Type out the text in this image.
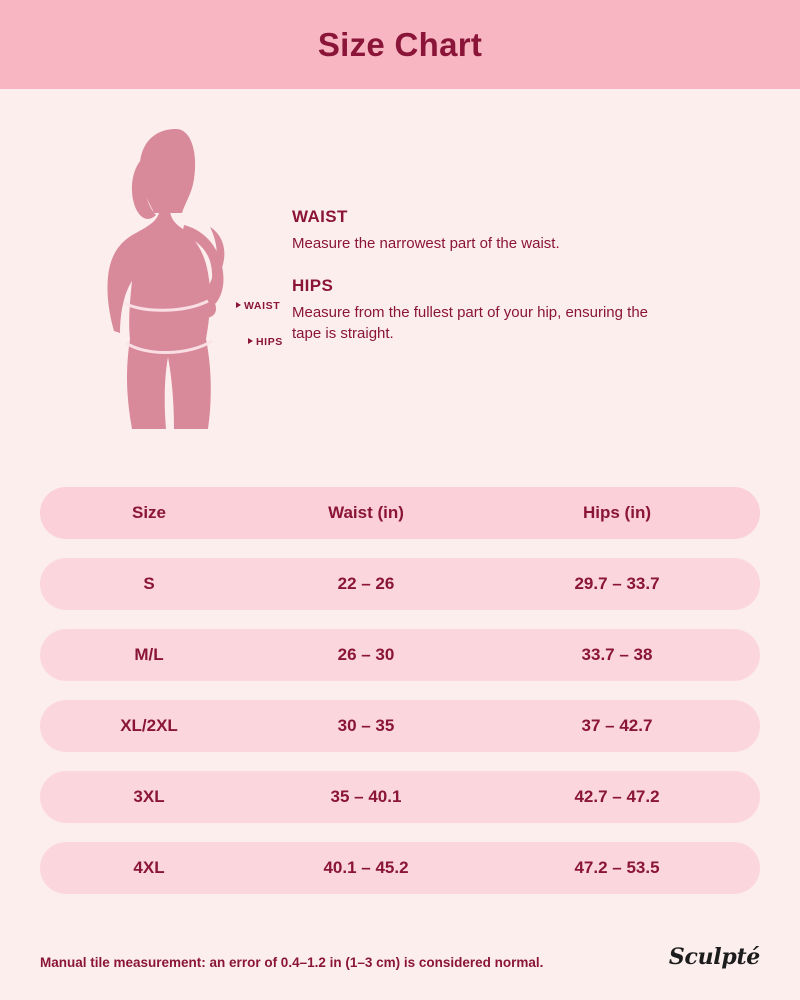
Size Chart
WAIST
HIPS
WAIST
Measure the narrowest part of the waist.
HIPS
Measure from the fullest part of your hip, ensuring the tape is straight.
Size	Waist (in)	Hips (in)
S	22 – 26	29.7 – 33.7
M/L	26 – 30	33.7 – 38
XL/2XL	30 – 35	37 – 42.7
3XL	35 – 40.1	42.7 – 47.2
4XL	40.1 – 45.2	47.2 – 53.5
Manual tile measurement: an error of 0.4–1.2 in (1–3 cm) is considered normal.	Sculpté
